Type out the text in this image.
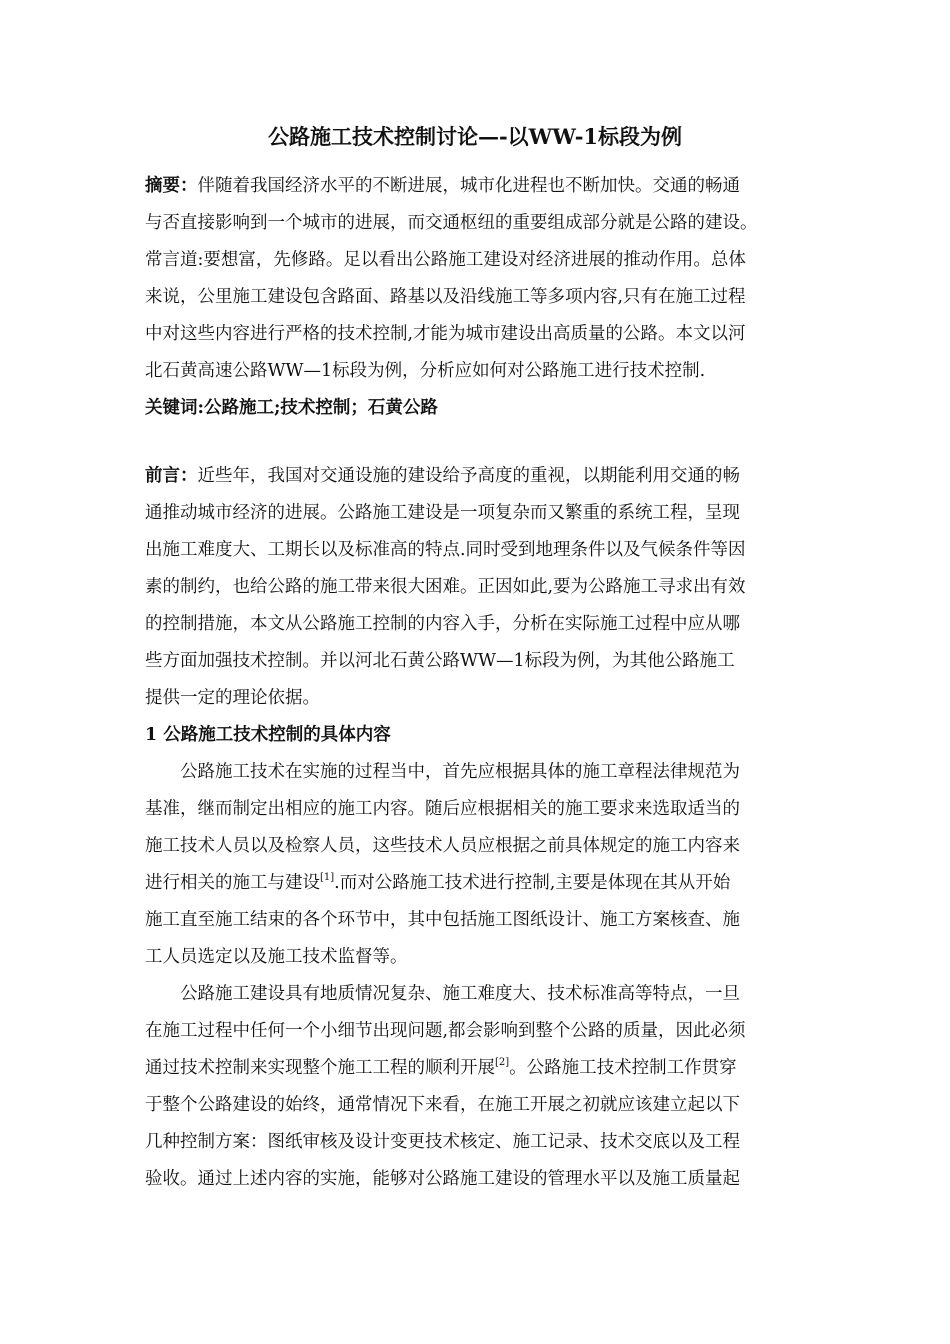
公路施工技术控制讨论—-以WW-1标段为例

摘要：伴随着我国经济水平的不断进展，城市化进程也不断加快。交通的畅通

与否直接影响到一个城市的进展，而交通枢纽的重要组成部分就是公路的建设。

常言道:要想富，先修路。足以看出公路施工建设对经济进展的推动作用。总体

来说，公里施工建设包含路面、路基以及沿线施工等多项内容,只有在施工过程

中对这些内容进行严格的技术控制,才能为城市建设出高质量的公路。本文以河

北石黄高速公路WW—1标段为例，分析应如何对公路施工进行技术控制.

关键词:公路施工;技术控制；石黄公路

前言：近些年，我国对交通设施的建设给予高度的重视，以期能利用交通的畅

通推动城市经济的进展。公路施工建设是一项复杂而又繁重的系统工程，呈现

出施工难度大、工期长以及标准高的特点.同时受到地理条件以及气候条件等因

素的制约，也给公路的施工带来很大困难。正因如此,要为公路施工寻求出有效

的控制措施，本文从公路施工控制的内容入手，分析在实际施工过程中应从哪

些方面加强技术控制。并以河北石黄公路WW—1标段为例，为其他公路施工

提供一定的理论依据。

1 公路施工技术控制的具体内容

公路施工技术在实施的过程当中，首先应根据具体的施工章程法律规范为

基准，继而制定出相应的施工内容。随后应根据相关的施工要求来选取适当的

施工技术人员以及检察人员，这些技术人员应根据之前具体规定的施工内容来

进行相关的施工与建设[1].而对公路施工技术进行控制,主要是体现在其从开始

施工直至施工结束的各个环节中，其中包括施工图纸设计、施工方案核查、施

工人员选定以及施工技术监督等。

公路施工建设具有地质情况复杂、施工难度大、技术标准高等特点，一旦

在施工过程中任何一个小细节出现问题,都会影响到整个公路的质量，因此必须

通过技术控制来实现整个施工工程的顺利开展[2]。公路施工技术控制工作贯穿

于整个公路建设的始终，通常情况下来看，在施工开展之初就应该建立起以下

几种控制方案：图纸审核及设计变更技术核定、施工记录、技术交底以及工程

验收。通过上述内容的实施，能够对公路施工建设的管理水平以及施工质量起
